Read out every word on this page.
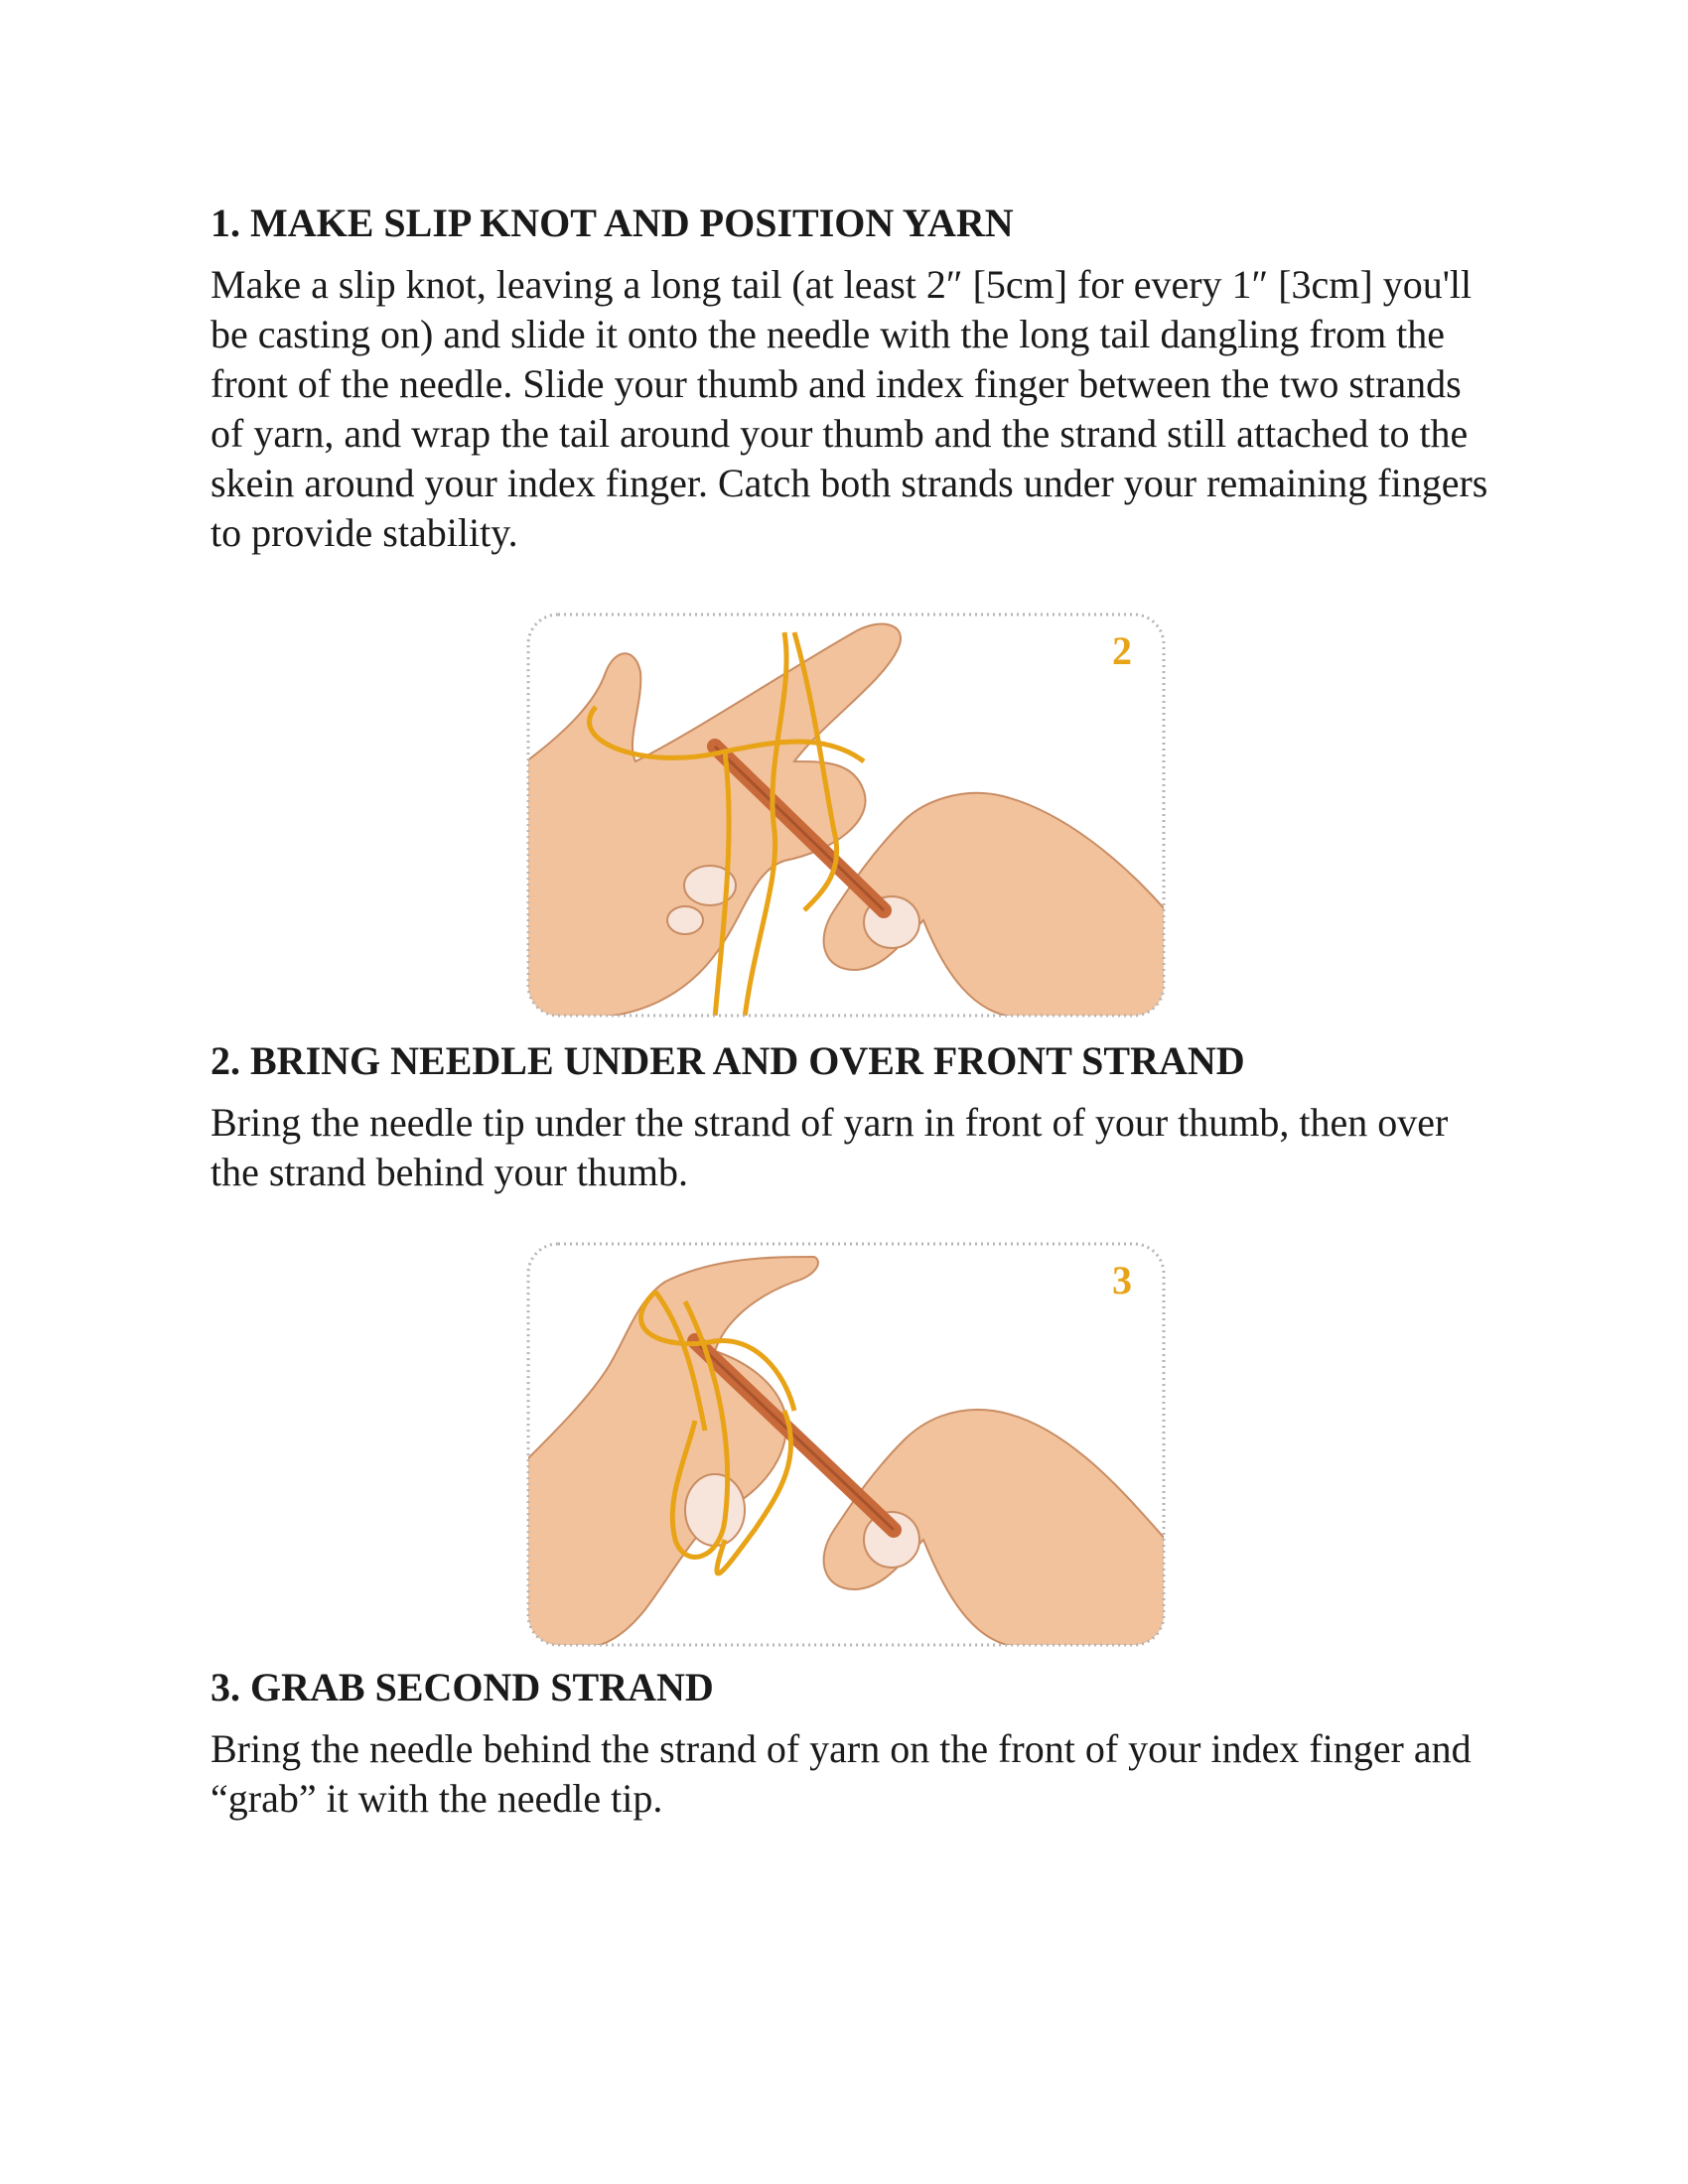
1. MAKE SLIP KNOT AND POSITION YARN

Make a slip knot, leaving a long tail (at least 2″ [5cm] for every 1″ [3cm] you'll be casting on) and slide it onto the needle with the long tail dangling from the front of the needle. Slide your thumb and index finger between the two strands of yarn, and wrap the tail around your thumb and the strand still attached to the skein around your index finger. Catch both strands under your remaining fingers to provide stability.

2
2. BRING NEEDLE UNDER AND OVER FRONT STRAND

Bring the needle tip under the strand of yarn in front of your thumb, then over the strand behind your thumb.

3
3. GRAB SECOND STRAND

Bring the needle behind the strand of yarn on the front of your index finger and “grab” it with the needle tip.
